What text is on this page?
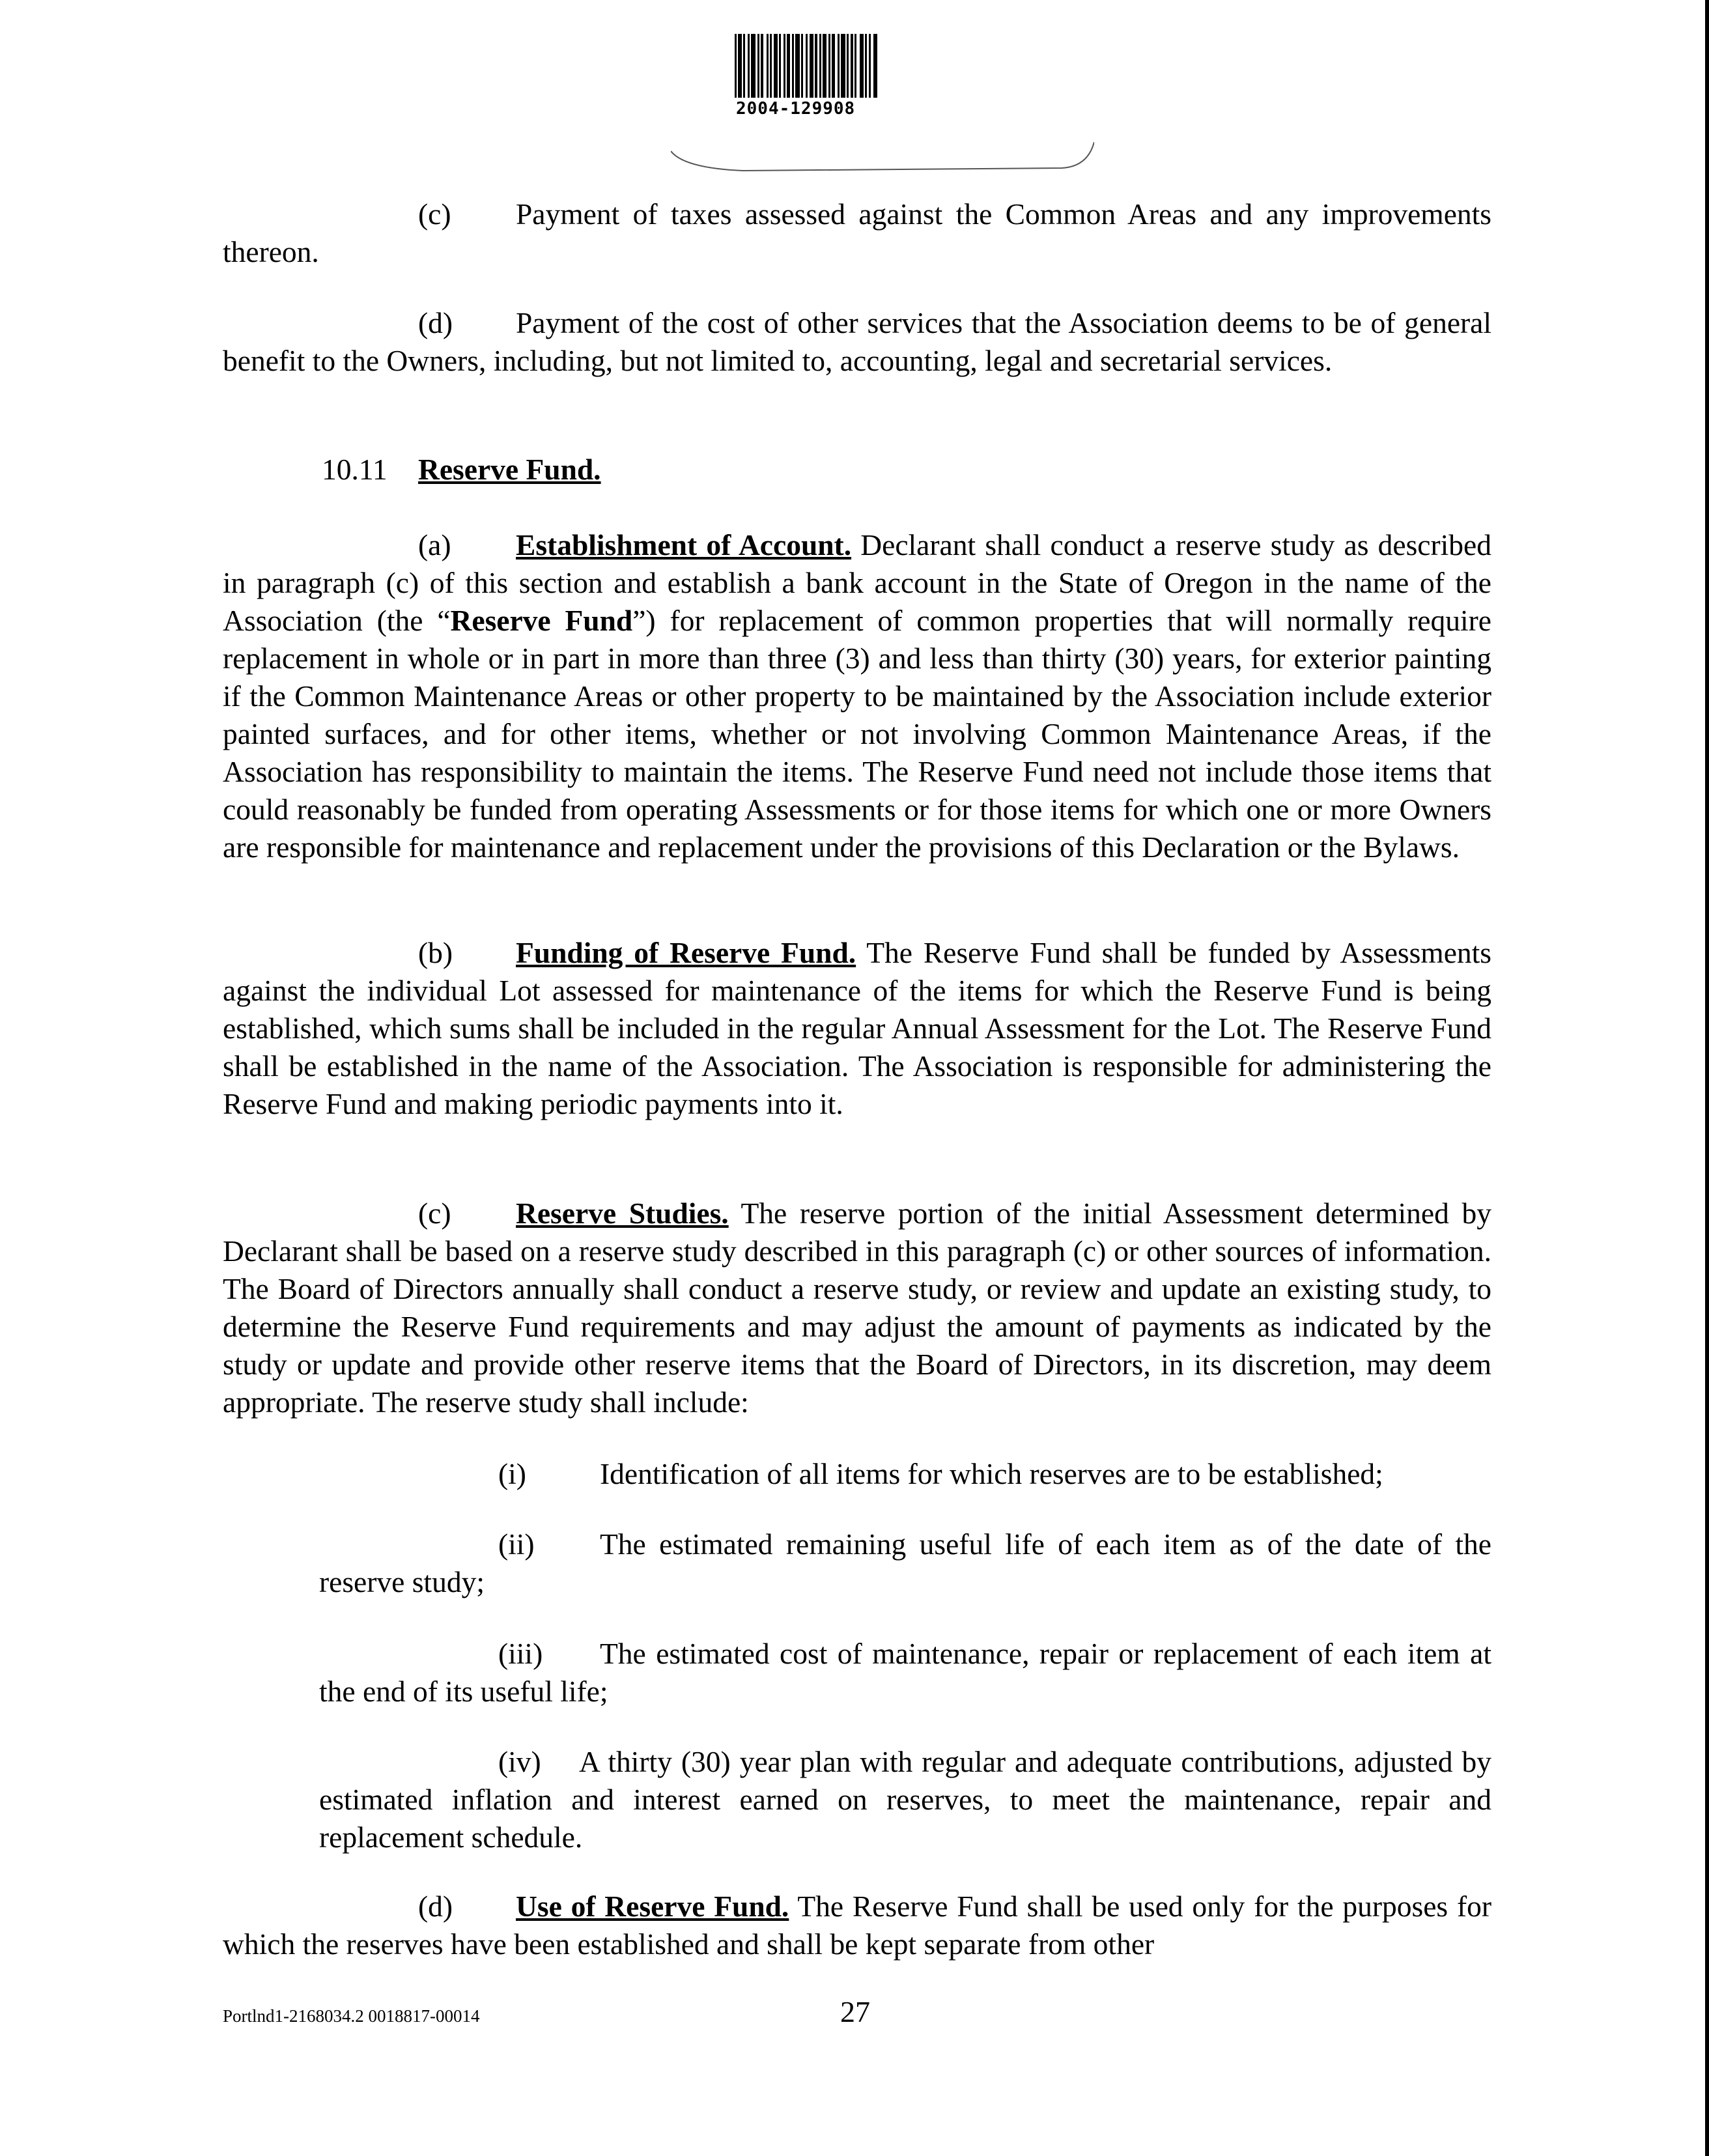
2004-129908

(c) Payment of taxes assessed against the Common Areas and any improvements thereon.

(d) Payment of the cost of other services that the Association deems to be of general benefit to the Owners, including, but not limited to, accounting, legal and secretarial services.

10.11 Reserve Fund.

(a) Establishment of Account. Declarant shall conduct a reserve study as described in paragraph (c) of this section and establish a bank account in the State of Oregon in the name of the Association (the “Reserve Fund”) for replacement of common properties that will normally require replacement in whole or in part in more than three (3) and less than thirty (30) years, for exterior painting if the Common Maintenance Areas or other property to be maintained by the Association include exterior painted surfaces, and for other items, whether or not involving Common Maintenance Areas, if the Association has responsibility to maintain the items. The Reserve Fund need not include those items that could reasonably be funded from operating Assessments or for those items for which one or more Owners are responsible for maintenance and replacement under the provisions of this Declaration or the Bylaws.

(b) Funding of Reserve Fund. The Reserve Fund shall be funded by Assessments against the individual Lot assessed for maintenance of the items for which the Reserve Fund is being established, which sums shall be included in the regular Annual Assessment for the Lot. The Reserve Fund shall be established in the name of the Association. The Association is responsible for administering the Reserve Fund and making periodic payments into it.

(c) Reserve Studies. The reserve portion of the initial Assessment determined by Declarant shall be based on a reserve study described in this paragraph (c) or other sources of information. The Board of Directors annually shall conduct a reserve study, or review and update an existing study, to determine the Reserve Fund requirements and may adjust the amount of payments as indicated by the study or update and provide other reserve items that the Board of Directors, in its discretion, may deem appropriate. The reserve study shall include:

(i) Identification of all items for which reserves are to be established;

(ii) The estimated remaining useful life of each item as of the date of the reserve study;

(iii) The estimated cost of maintenance, repair or replacement of each item at the end of its useful life;

(iv) A thirty (30) year plan with regular and adequate contributions, adjusted by estimated inflation and interest earned on reserves, to meet the maintenance, repair and replacement schedule.

(d) Use of Reserve Fund. The Reserve Fund shall be used only for the purposes for which the reserves have been established and shall be kept separate from other

Portlnd1-2168034.2 0018817-00014	27
